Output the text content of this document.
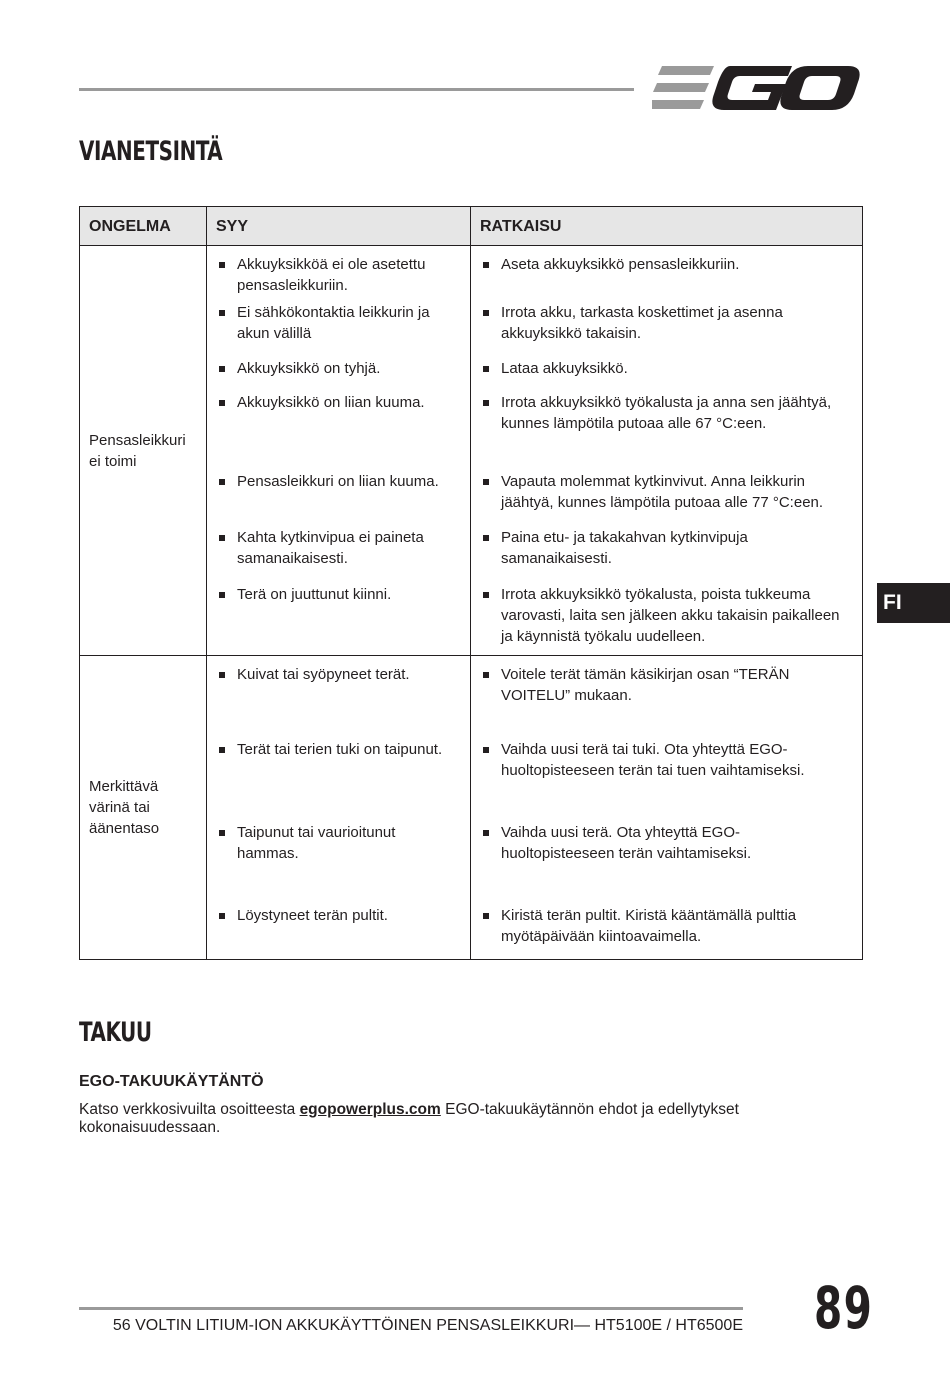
VIANETSINTÄ
ONGELMA	SYY	RATKAISU
Pensasleikkuri ei toimi	Akkuyksikköä ei ole asetettu pensasleikkuriin.	Aseta akkuyksikkö pensasleikkuriin.

	Ei sähkökontaktia leikkurin ja akun välillä	Irrota akku, tarkasta koskettimet ja asenna akkuyksikkö takaisin.

	Akkuyksikkö on tyhjä.	Lataa akkuyksikkö.

	Akkuyksikkö on liian kuuma.	Irrota akkuyksikkö työkalusta ja anna sen jäähtyä, kunnes lämpötila putoaa alle 67 °C:een.

	Pensasleikkuri on liian kuuma.	Vapauta molemmat kytkinvivut. Anna leikkurin jäähtyä, kunnes lämpötila putoaa alle 77 °C:een.

	Kahta kytkinvipua ei paineta samanaikaisesti.	Paina etu- ja takakahvan kytkinvipuja samanaikaisesti.

	Terä on juuttunut kiinni.	Irrota akkuyksikkö työkalusta, poista tukkeuma varovasti, laita sen jälkeen akku takaisin paikalleen ja käynnistä työkalu uudelleen.

Merkittävä värinä tai äänentaso	Kuivat tai syöpyneet terät.	Voitele terät tämän käsikirjan osan “TERÄN VOITELU” mukaan.

	Terät tai terien tuki on taipunut.	Vaihda uusi terä tai tuki. Ota yhteyttä EGO-huoltopisteeseen terän tai tuen vaihtamiseksi.

	Taipunut tai vaurioitunut hammas.	Vaihda uusi terä. Ota yhteyttä EGO-huoltopisteeseen terän vaihtamiseksi.

	Löystyneet terän pultit.	Kiristä terän pultit. Kiristä kääntämällä pulttia myötäpäivään kiintoavaimella.
FI
TAKUU
EGO-TAKUUKÄYTÄNTÖ

Katso verkkosivuilta osoitteesta egopowerplus.com EGO-takuukäytännön ehdot ja edellytykset kokonaisuudessaan.

56 VOLTIN LITIUM-ION AKKUKÄYTTÖINEN PENSASLEIKKURI— HT5100E / HT6500E 89
